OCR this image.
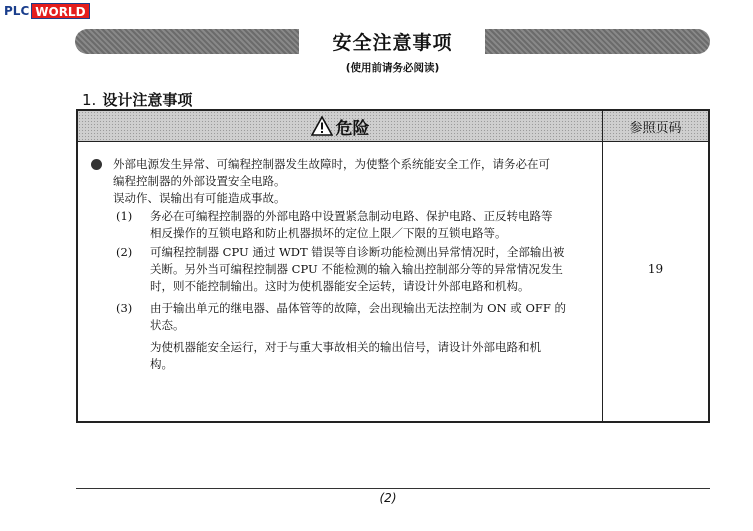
PLC WORLD
安全注意事项
(使用前请务必阅读)
1. 设计注意事项
危险	参照页码
外部电源发生异常、可编程控制器发生故障时，为使整个系统能安全工作，请务必在可
编程控制器的外部设置安全电路。
误动作、误输出有可能造成事故。
(1) 务必在可编程控制器的外部电路中设置紧急制动电路、保护电路、正反转电路等
相反操作的互锁电路和防止机器损坏的定位上限／下限的互锁电路等。
(2) 可编程控制器 CPU 通过 WDT 错误等自诊断功能检测出异常情况时，全部输出被
关断。另外当可编程控制器 CPU 不能检测的输入输出控制部分等的异常情况发生
时，则不能控制输出。这时为使机器能安全运转，请设计外部电路和机构。
(3) 由于输出单元的继电器、晶体管等的故障，会出现输出无法控制为 ON 或 OFF 的
状态。
为使机器能安全运行，对于与重大事故相关的输出信号，请设计外部电路和机
构。
19
(2)
